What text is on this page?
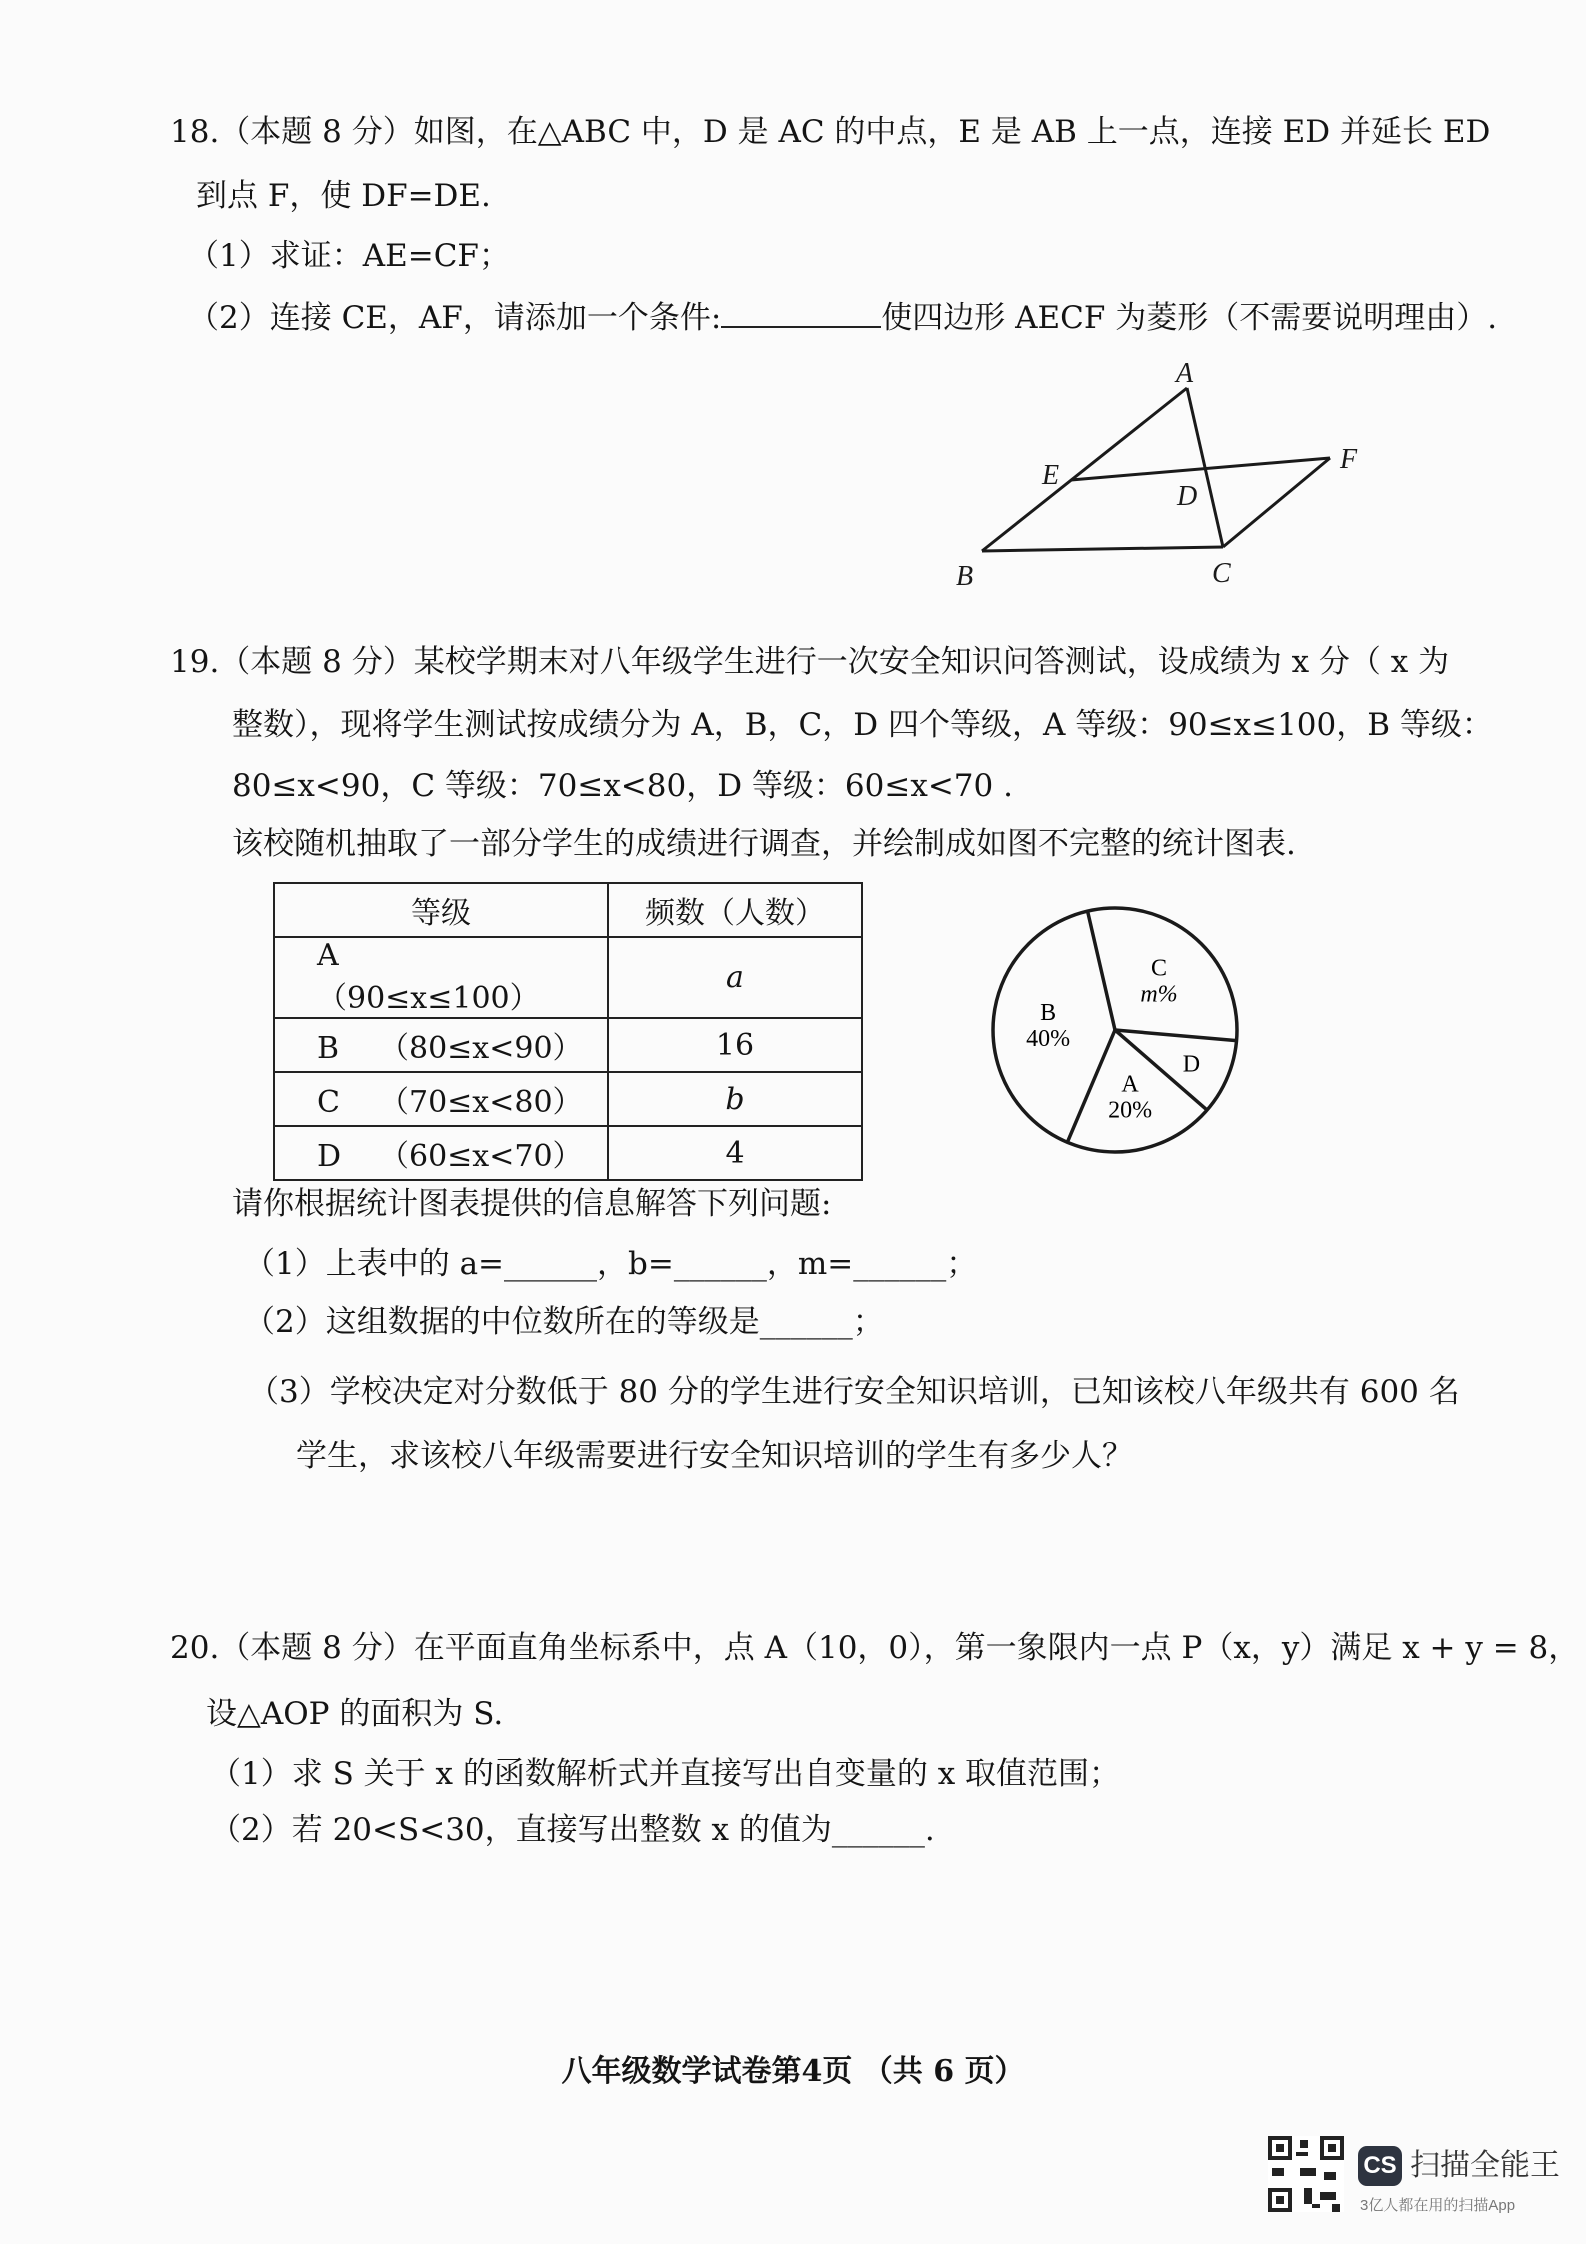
18.（本题 8 分）如图，在△ABC 中，D 是 AC 的中点，E 是 AB 上一点，连接 ED 并延长 ED
到点 F，使 DF=DE.
（1）求证：AE=CF；
（2）连接 CE，AF，请添加一个条件:	使四边形 AECF 为菱形（不需要说明理由）.
A
B	C
D
E
F
19.（本题 8 分）某校学期末对八年级学生进行一次安全知识问答测试，设成绩为 x 分（ x 为
整数），现将学生测试按成绩分为 A，B，C，D 四个等级，A 等级：90≤x≤100，B 等级：
80≤x<90，C 等级：70≤x<80，D 等级：60≤x<70 .
该校随机抽取了一部分学生的成绩进行调查，并绘制成如图不完整的统计图表.
等级	频数（人数）
A（90≤x≤100）	a
B （80≤x<90）	16
C （70≤x<80）	b
D （60≤x<70）	4
B
40%
C
m%
D
A
20%
请你根据统计图表提供的信息解答下列问题:
（1）上表中的 a=______，b=______，m=______；
（2）这组数据的中位数所在的等级是______；
（3）学校决定对分数低于 80 分的学生进行安全知识培训，已知该校八年级共有 600 名
学生，求该校八年级需要进行安全知识培训的学生有多少人？
20.（本题 8 分）在平面直角坐标系中，点 A（10，0），第一象限内一点 P（x，y）满足 x + y = 8，
设△AOP 的面积为 S.
（1）求 S 关于 x 的函数解析式并直接写出自变量的 x 取值范围；
（2）若 20<S<30，直接写出整数 x 的值为______.
八年级数学试卷第4页 （共 6 页）
CS 扫描全能王
3亿人都在用的扫描App
